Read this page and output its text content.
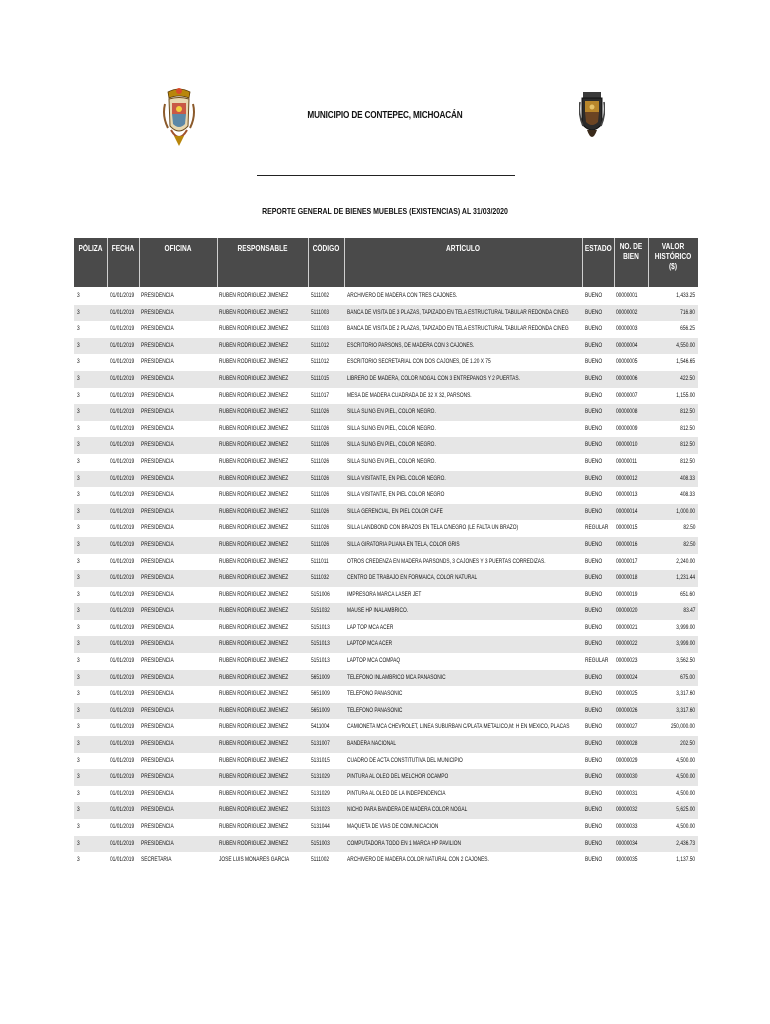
MUNICIPIO DE CONTEPEC, MICHOACÁN
REPORTE GENERAL DE BIENES MUEBLES (EXISTENCIAS) AL 31/03/2020
PÓLIZA FECHA	OFICINA	RESPONSABLE	CÓDIGO	ARTÍCULO	ESTADO NO. DE
BIEN
VALOR
HISTÓRICO
($)
3	01/01/2019 PRESIDENCIA	RUBEN RODRIGUEZ JIMENEZ	5111002	ARCHIVERO DE MADERA CON TRES CAJONES.	BUENO 00000001	1,433.25
3	01/01/2019 PRESIDENCIA	RUBEN RODRIGUEZ JIMENEZ	5111003	BANCA DE VISITA DE 3 PLAZAS, TAPIZADO EN TELA ESTRUCTURAL TABULAR REDONDA C/NEG	BUENO 00000002	716.80
3	01/01/2019 PRESIDENCIA	RUBEN RODRIGUEZ JIMENEZ	5111003	BANCA DE VISITA DE 2 PLAZAS, TAPIZADO EN TELA ESTRUCTURAL TABULAR REDONDA C/NEG	BUENO 00000003	656.25
3	01/01/2019 PRESIDENCIA	RUBEN RODRIGUEZ JIMENEZ	5111012	ESCRITORIO PARSONS, DE MADERA CON 3 CAJONES.	BUENO 00000004	4,550.00
3	01/01/2019 PRESIDENCIA	RUBEN RODRIGUEZ JIMENEZ	5111012	ESCRITORIO SECRETARIAL CON DOS CAJONES, DE 1.20 X 75	BUENO 00000005	1,546.65
3	01/01/2019 PRESIDENCIA	RUBEN RODRIGUEZ JIMENEZ	5111015	LIBRERO DE MADERA, COLOR NOGAL CON 3 ENTREPAÑOS Y 2 PUERTAS.	BUENO 00000006	422.50
3	01/01/2019 PRESIDENCIA	RUBEN RODRIGUEZ JIMENEZ	5111017	MESA DE MADERA CUADRADA DE 32 X 32, PARSONS.	BUENO 00000007	1,155.00
3	01/01/2019 PRESIDENCIA	RUBEN RODRIGUEZ JIMENEZ	5111026	SILLA SLING EN PIEL, COLOR NEGRO.	BUENO 00000008	812.50
3	01/01/2019 PRESIDENCIA	RUBEN RODRIGUEZ JIMENEZ	5111026	SILLA SLING EN PIEL, COLOR NEGRO.	BUENO 00000009	812.50
3	01/01/2019 PRESIDENCIA	RUBEN RODRIGUEZ JIMENEZ	5111026	SILLA SLING EN PIEL, COLOR NEGRO.	BUENO 00000010	812.50
3	01/01/2019 PRESIDENCIA	RUBEN RODRIGUEZ JIMENEZ	5111026	SILLA SLING EN PIEL, COLOR NEGRO.	BUENO 00000011	812.50
3	01/01/2019 PRESIDENCIA	RUBEN RODRIGUEZ JIMENEZ	5111026	SILLA VISITANTE, EN PIEL COLOR NEGRO.	BUENO 00000012	408.33
3	01/01/2019 PRESIDENCIA	RUBEN RODRIGUEZ JIMENEZ	5111026	SILLA VISITANTE, EN PIEL COLOR NEGRO	BUENO 00000013	408.33
3	01/01/2019 PRESIDENCIA	RUBEN RODRIGUEZ JIMENEZ	5111026	SILLA GERENCIAL, EN PIEL COLOR CAFÉ	BUENO 00000014	1,000.00
3	01/01/2019 PRESIDENCIA	RUBEN RODRIGUEZ JIMENEZ	5111026	SILLA LANDBOND CON BRAZOS EN TELA C/NEGRO (LE FALTA UN BRAZO)	REGULAR 00000015	82.50
3	01/01/2019 PRESIDENCIA	RUBEN RODRIGUEZ JIMENEZ	5111026	SILLA GIRATORIA PLIANA EN TELA, COLOR GRIS	BUENO 00000016	82.50
3	01/01/2019 PRESIDENCIA	RUBEN RODRIGUEZ JIMENEZ	5111011	OTROS CREDENZA EN MADERA PARSONDS, 3 CAJONES Y 3 PUERTAS CORREDIZAS.	BUENO 00000017	2,240.00
3	01/01/2019 PRESIDENCIA	RUBEN RODRIGUEZ JIMENEZ	5111032	CENTRO DE TRABAJO EN FORMAICA, COLOR NATURAL	BUENO 00000018	1,231.44
3	01/01/2019 PRESIDENCIA	RUBEN RODRIGUEZ JIMENEZ	5151006	IMPRESORA MARCA LASER JET	BUENO 00000019	651.60
3	01/01/2019 PRESIDENCIA	RUBEN RODRIGUEZ JIMENEZ	5151032	MAUSE HP INALAMBRICO.	BUENO 00000020	83.47
3	01/01/2019 PRESIDENCIA	RUBEN RODRIGUEZ JIMENEZ	5151013	LAP TOP MCA ACER	BUENO 00000021	3,999.00
3	01/01/2019 PRESIDENCIA	RUBEN RODRIGUEZ JIMENEZ	5151013	LAPTOP MCA ACER	BUENO 00000022	3,999.00
3	01/01/2019 PRESIDENCIA	RUBEN RODRIGUEZ JIMENEZ	5151013	LAPTOP MCA COMPAQ	REGULAR 00000023	3,562.50
3	01/01/2019 PRESIDENCIA	RUBEN RODRIGUEZ JIMENEZ	5651009	TELEFONO INLAMBRICO MCA PANASONIC	BUENO 00000024	675.00
3	01/01/2019 PRESIDENCIA	RUBEN RODRIGUEZ JIMENEZ	5651009	TELÉFONO PANASONIC	BUENO 00000025	3,317.60
3	01/01/2019 PRESIDENCIA	RUBEN RODRIGUEZ JIMENEZ	5651009	TELÉFONO PANASONIC	BUENO 00000026	3,317.60
3	01/01/2019 PRESIDENCIA	RUBEN RODRIGUEZ JIMENEZ	5411004	CAMIONETA MCA CHEVROLET, LINEA SUBURBAN C/PLATA METALICO,M: H EN MEXICO, PLACAS BUENO 00000027	250,000.00
3	01/01/2019 PRESIDENCIA	RUBEN RODRIGUEZ JIMENEZ	5131007	BANDERA NACIONAL	BUENO 00000028	202.50
3	01/01/2019 PRESIDENCIA	RUBEN RODRIGUEZ JIMENEZ	5131015	CUADRO DE ACTA CONSTITUTIVA DEL MUNICIPIO	BUENO 00000029	4,500.00
3	01/01/2019 PRESIDENCIA	RUBEN RODRIGUEZ JIMENEZ	5131029	PINTURA AL OLEO DEL MELCHOR OCAMPO	BUENO 00000030	4,500.00
3	01/01/2019 PRESIDENCIA	RUBEN RODRIGUEZ JIMENEZ	5131029	PINTURA AL OLEO DE LA INDEPENDENCIA	BUENO 00000031	4,500.00
3	01/01/2019 PRESIDENCIA	RUBEN RODRIGUEZ JIMENEZ	5131023	NICHO PARA BANDERA DE MADERA COLOR NOGAL	BUENO 00000032	5,625.00
3	01/01/2019 PRESIDENCIA	RUBEN RODRIGUEZ JIMENEZ	5131044	MAQUETA DE VÍAS DE COMUNICACIÓN	BUENO 00000033	4,500.00
3	01/01/2019 PRESIDENCIA	RUBEN RODRIGUEZ JIMENEZ	5151003	COMPUTADORA TODO EN 1 MARCA HP PAVILION	BUENO 00000034	2,436.73
3	01/01/2019 SECRETARIA	JOSE LUIS MONARES GARCIA	5111002	ARCHIVERO DE MADERA COLOR NATURAL CON 2 CAJONES.	BUENO 00000035	1,137.50
